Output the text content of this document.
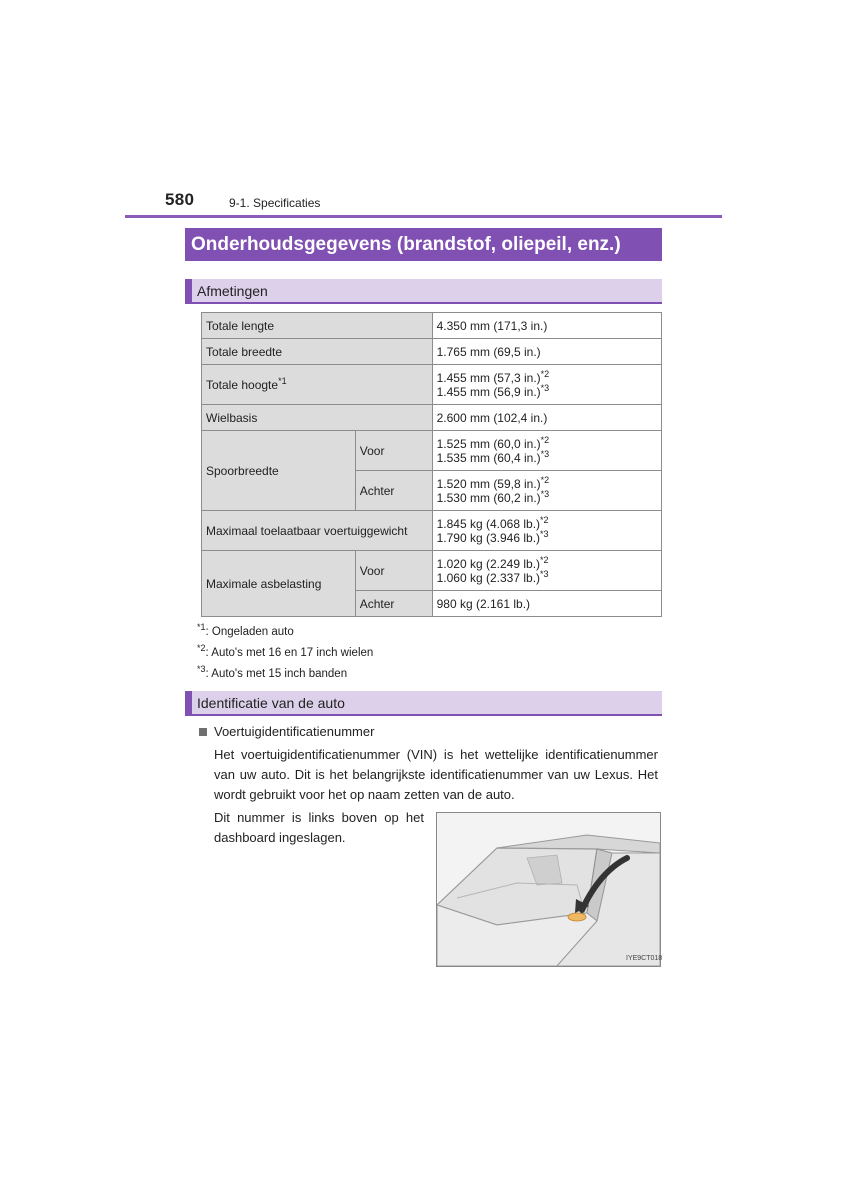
580	9-1. Specificaties
Onderhoudsgegevens (brandstof, oliepeil, enz.)
Afmetingen
Totale lengte		4.350 mm (171,3 in.)
Totale breedte		1.765 mm (69,5 in.)
Totale hoogte$^{*1}$		1.455 mm (57,3 in.)$^{*2}$
1.455 mm (56,9 in.)$^{*3}$
Wielbasis		2.600 mm (102,4 in.)
Spoorbreedte	Voor	1.525 mm (60,0 in.)$^{*2}$
1.535 mm (60,4 in.)$^{*3}$
	Achter	1.520 mm (59,8 in.)$^{*2}$
1.530 mm (60,2 in.)$^{*3}$
Maximaal toelaatbaar voertuiggewicht		1.845 kg (4.068 lb.)$^{*2}$
1.790 kg (3.946 lb.)$^{*3}$
Maximale asbelasting	Voor	1.020 kg (2.249 lb.)$^{*2}$
1.060 kg (2.337 lb.)$^{*3}$
	Achter	980 kg (2.161 lb.)
$^{*1}$: Ongeladen auto
$^{*2}$: Auto's met 16 en 17 inch wielen
$^{*3}$: Auto's met 15 inch banden
Identificatie van de auto
Voertuigidentificatienummer
Het voertuigidentificatienummer (VIN) is het wettelijke identificatienummer van uw auto. Dit is het belangrijkste identificatienummer van uw Lexus. Het wordt gebruikt voor het op naam zetten van de auto.
Dit nummer is links boven op het dashboard ingeslagen.
IYE9CT018
